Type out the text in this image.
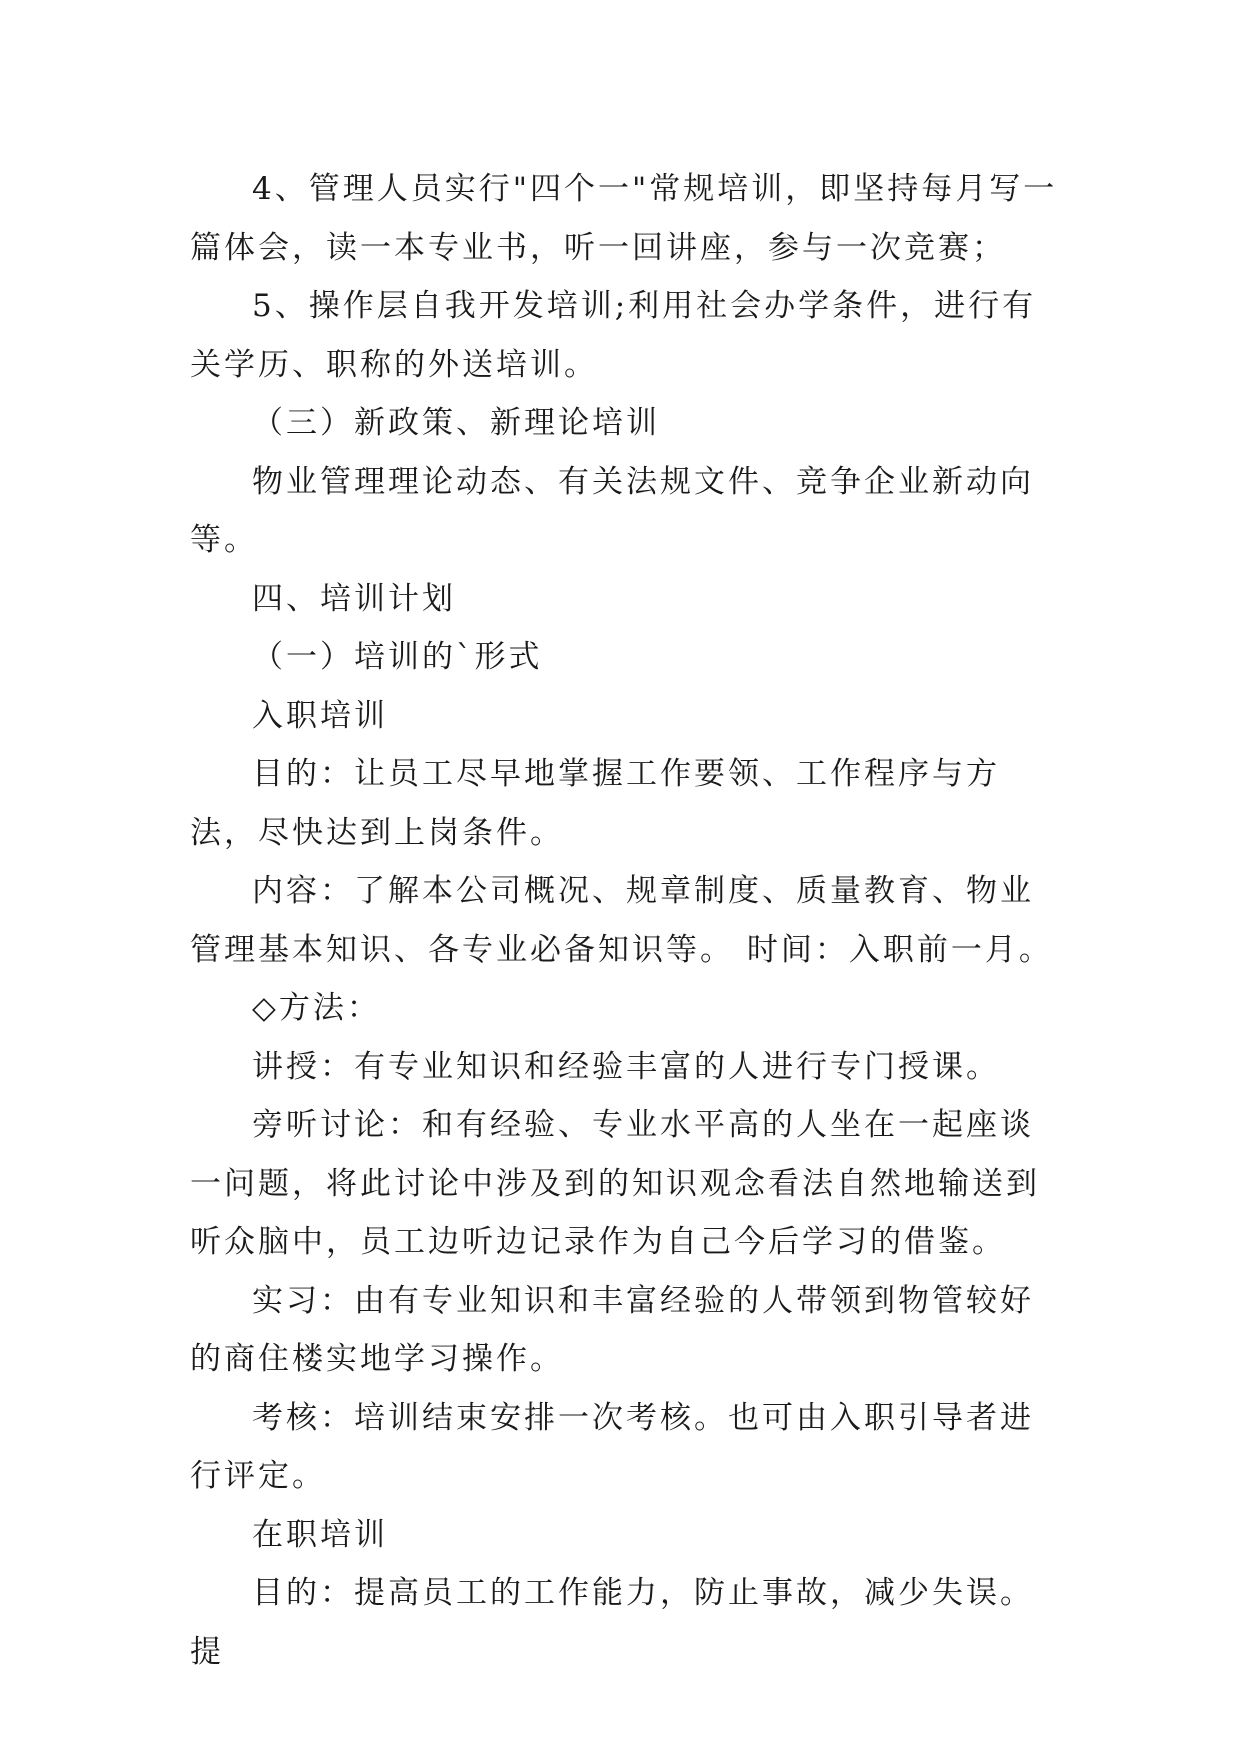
4、管理人员实行"四个一"常规培训，即坚持每月写一篇体会，读一本专业书，听一回讲座，参与一次竞赛；

5、操作层自我开发培训;利用社会办学条件，进行有关学历、职称的外送培训。

（三）新政策、新理论培训

物业管理理论动态、有关法规文件、竞争企业新动向等。

四、培训计划

（一）培训的`形式

入职培训

目的：让员工尽早地掌握工作要领、工作程序与方法，尽快达到上岗条件。

内容：了解本公司概况、规章制度、质量教育、物业管理基本知识、各专业必备知识等。 时间：入职前一月。

◇方法：

讲授：有专业知识和经验丰富的人进行专门授课。

旁听讨论：和有经验、专业水平高的人坐在一起座谈一问题，将此讨论中涉及到的知识观念看法自然地输送到听众脑中，员工边听边记录作为自己今后学习的借鉴。

实习：由有专业知识和丰富经验的人带领到物管较好的商住楼实地学习操作。

考核：培训结束安排一次考核。也可由入职引导者进行评定。

在职培训

目的：提高员工的工作能力，防止事故，减少失误。提
